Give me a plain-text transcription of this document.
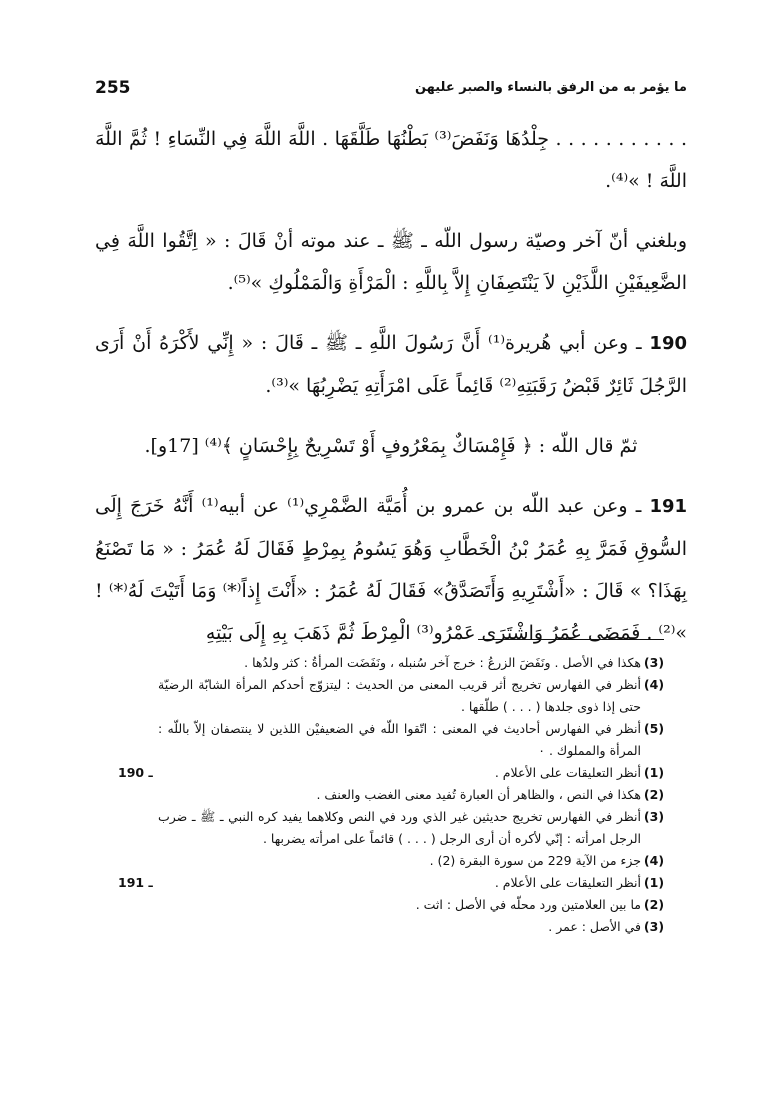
ما يؤمر به من الرفق بالنساء والصبر عليهن
255

. . . . . . . . . . . جِلْدُهَا وَنَفَضَ⁽³⁾ بَطْنُهَا طَلَّقَهَا . اللَّهَ اللَّهَ فِي النِّسَاءِ ! ثُمَّ اللَّهَ اللَّهَ ! »⁽⁴⁾.

وبلغني أنّ آخر وصيّة رسول اللّه ـ ﷺ ـ عند موته أنْ قَالَ : « اِتَّقُوا اللَّهَ فِي الضَّعِيفَيْنِ اللَّذَيْنِ لاَ يَنْتَصِفَانِ إِلاَّ بِاللَّهِ : الْمَرْأَةِ وَالْمَمْلُوكِ »⁽⁵⁾.

190 ـ وعن أبي هُريرة⁽¹⁾ أَنَّ رَسُولَ اللَّهِ ـ ﷺ ـ قَالَ : « إِنِّي لأَكْرَهُ أَنْ أَرَى الرَّجُلَ ثَائِرٌ قَبْضُ رَقَبَتِهِ⁽²⁾ قَائِماً عَلَى امْرَأَتِهِ يَضْرِبُهَا »⁽³⁾.

ثمّ قال اللّه : ﴿ فَإِمْسَاكٌ بِمَعْرُوفٍ أَوْ تَسْرِيحٌ بِإِحْسَانٍ ﴾⁽⁴⁾ [17و].

191 ـ وعن عبد اللّه بن عمرو بن أُمَيَّة الضَّمْرِي⁽¹⁾ عن أبيه⁽¹⁾ أَنَّهُ خَرَجَ إِلَى السُّوقِ فَمَرَّ بِهِ عُمَرُ بْنُ الْخَطَّابِ وَهُوَ يَسُومُ بِمِرْطٍ فَقَالَ لَهُ عُمَرُ : « مَا تَصْنَعُ بِهَذَا؟ » قَالَ : «أَشْتَرِيهِ وَأَتَصَدَّقُ» فَقَالَ لَهُ عُمَرُ : «أَنْتَ إِذاً⁽*⁾ وَمَا أَتَيْتَ لَهُ⁽*⁾ ! »⁽²⁾ . فَمَضَى عُمَرُ وَاشْتَرَى عَمْرُو⁽³⁾ الْمِرْطَ ثُمَّ ذَهَبَ بِهِ إِلَى بَيْتِهِ

(3)
هكذا في الأصل . ونَفَضَ الزرعُ : خرج آخر سُنبله ، ونَفَضَت المرأةُ : كثر ولدُها .
(4)
أنظر في الفهارس تخريج أثر قريب المعنى من الحديث : ليتزوّج أحدكم المرأة الشابّة الرضيّة حتى إذا ذوى جلدها ( . . . ) طلّقها .
(5)
أنظر في الفهارس أحاديث في المعنى : اتّقوا اللّه في الضعيفيْن اللذين لا ينتصفان إلاّ باللّه : المرأة والمملوك . ٠
(1)
أنظر التعليقات على الأعلام .
190 ـ
(2)
هكذا في النص ، والظاهر أن العبارة تُفيد معنى الغضب والعنف .
(3)
أنظر في الفهارس تخريج حديثين غير الذي ورد في النص وكلاهما يفيد كره النبي ـ ﷺ ـ ضرب الرجل امرأته : إنّي لأكره أن أرى الرجل ( . . . ) قائماً على امرأته يضربها .
(4)
جزء من الآية 229 من سورة البقرة (2) .
(1)
أنظر التعليقات على الأعلام .
191 ـ
(2)
ما بين العلامتين ورد محلّه في الأصل : اثت .
(3)
في الأصل : عمر .
